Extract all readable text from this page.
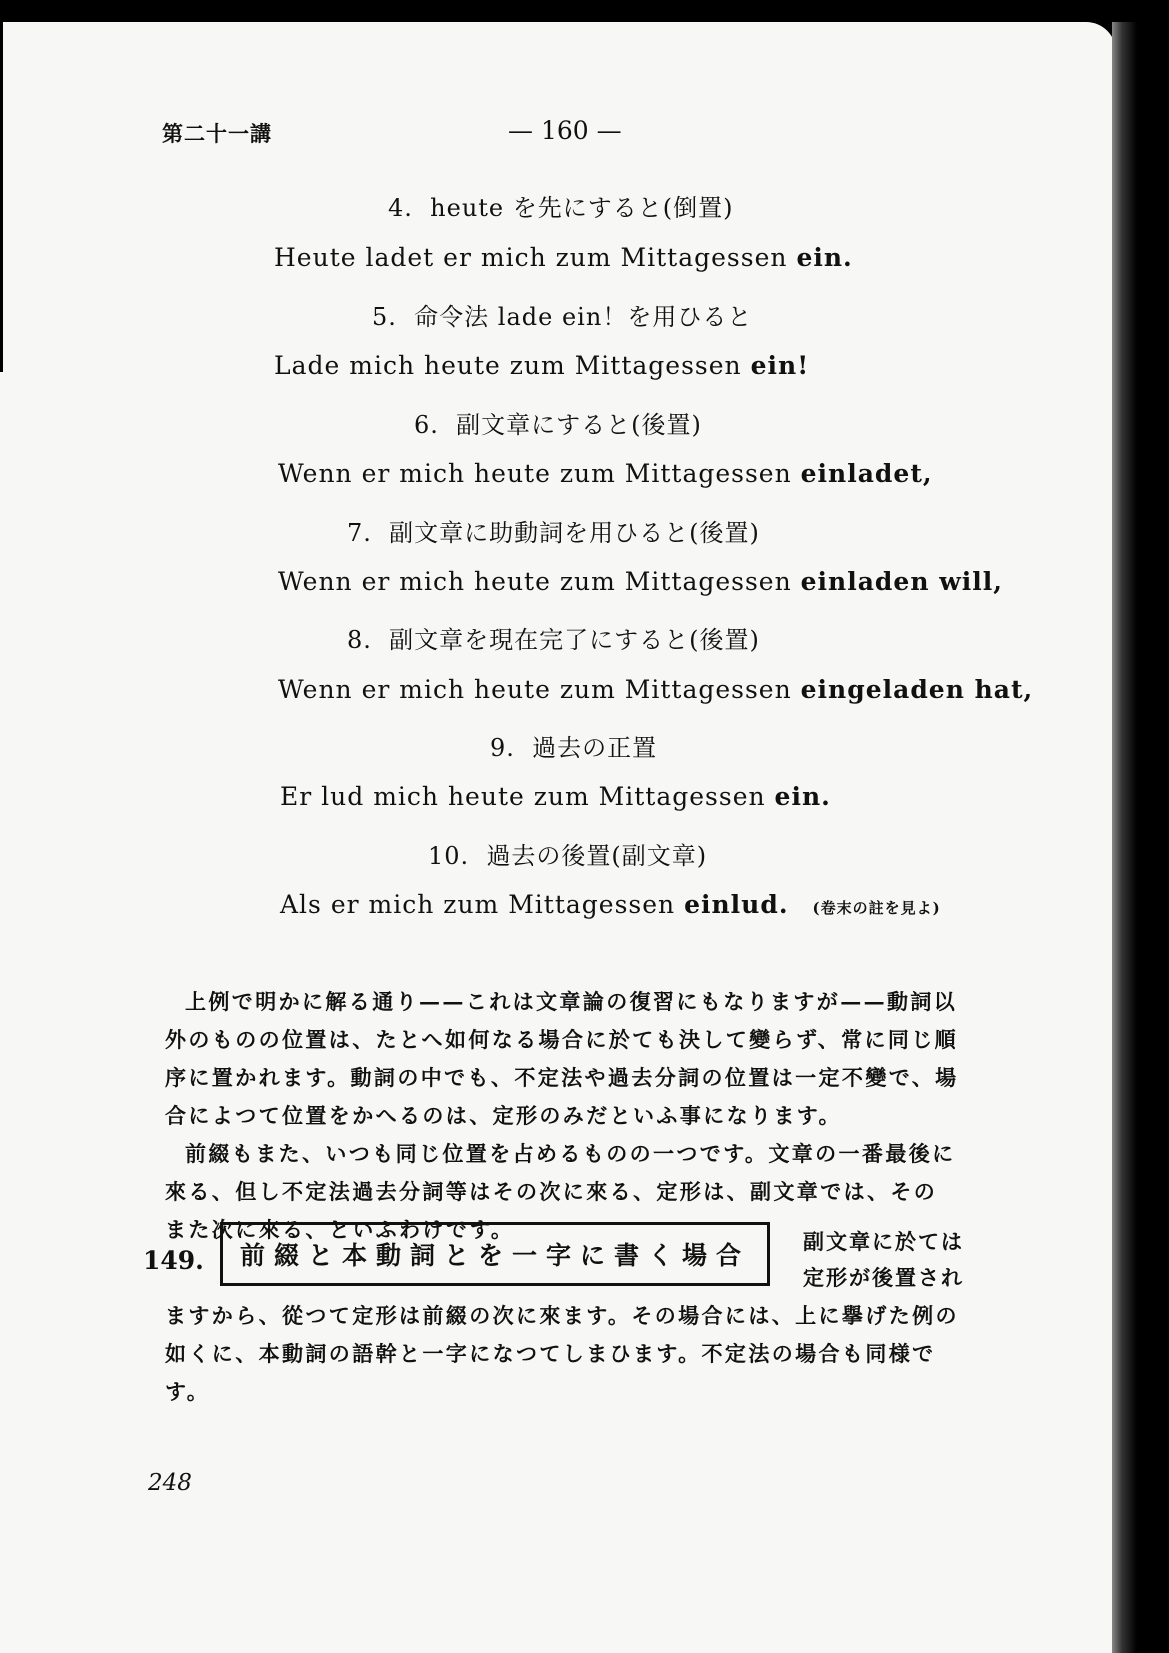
第二十一講	— 160 —
4. heute を先にすると(倒置)
Heute ladet er mich zum Mittagessen ein.
5. 命令法 lade ein！を用ひると
Lade mich heute zum Mittagessen ein!
6. 副文章にすると(後置)
Wenn er mich heute zum Mittagessen einladet,
7. 副文章に助動詞を用ひると(後置)
Wenn er mich heute zum Mittagessen einladen will,
8. 副文章を現在完了にすると(後置)
Wenn er mich heute zum Mittagessen eingeladen hat,
9. 過去の正置
Er lud mich heute zum Mittagessen ein.
10. 過去の後置(副文章)
Als er mich zum Mittagessen einlud. (卷末の註を見よ)
上例で明かに解る通り——これは文章論の復習にもなりますが——動詞以外のものの位置は、たとへ如何なる場合に於ても決して變らず、常に同じ順序に置かれます。動詞の中でも、不定法や過去分詞の位置は一定不變で、場合によつて位置をかへるのは、定形のみだといふ事になります。
前綴もまた、いつも同じ位置を占めるものの一つです。文章の一番最後に來る、但し不定法過去分詞等はその次に來る、定形は、副文章では、そのまた次に來る、といふわけです。
149. 前綴と本動詞とを一字に書く場合	副文章に於ては
定形が後置され
ますから、從つて定形は前綴の次に來ます。その場合には、上に擧げた例の如くに、本動詞の語幹と一字になつてしまひます。不定法の場合も同様です。
248
